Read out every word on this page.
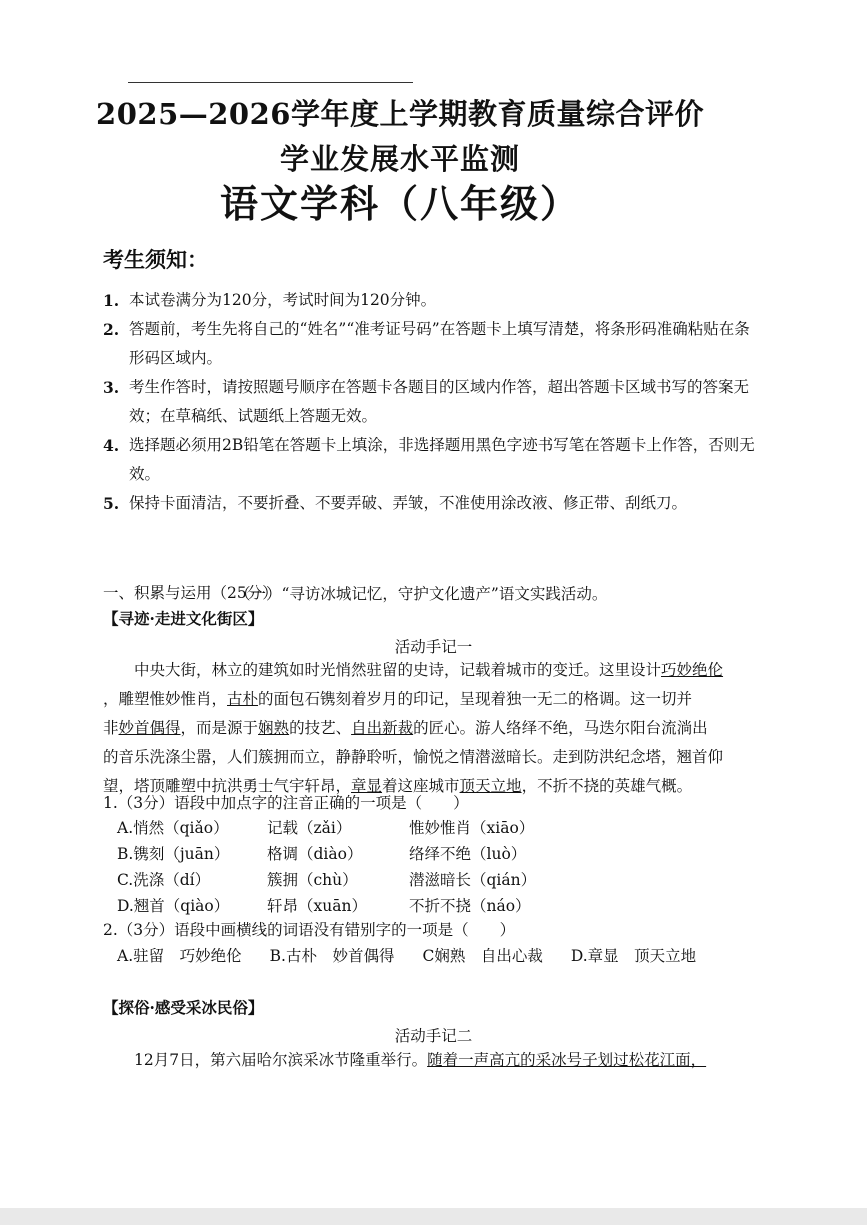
2025—2026学年度上学期教育质量综合评价
学业发展水平监测
语文学科（八年级）
考生须知：
1. 本试卷满分为120分，考试时间为120分钟。
2. 答题前，考生先将自己的“姓名”“准考证号码”在答题卡上填写清楚，将条形码准确粘贴在条形码区域内。
3. 考生作答时，请按照题号顺序在答题卡各题目的区域内作答，超出答题卡区域书写的答案无效；在草稿纸、试题纸上答题无效。
4. 选择题必须用2B铅笔在答题卡上填涂，非选择题用黑色字迹书写笔在答题卡上作答，否则无效。
5. 保持卡面清洁，不要折叠、不要弄破、弄皱，不准使用涂改液、修正带、刮纸刀。
一、积累与运用（25分）
（一）“寻访冰城记忆，守护文化遗产”语文实践活动。
【寻迹·走进文化街区】
活动手记一
　　中央大街，林立的建筑如时光悄然驻留的史诗，记载着城市的变迁。这里设计巧妙绝伦
，雕塑惟妙惟肖，古朴的面包石镌刻着岁月的印记，呈现着独一无二的格调。这一切并
非妙首偶得，而是源于娴熟的技艺、自出新裁的匠心。游人络绎不绝，马迭尔阳台流淌出
的音乐洗涤尘嚣，人们簇拥而立，静静聆听，愉悦之情潜滋暗长。走到防洪纪念塔，翘首仰
望，塔顶雕塑中抗洪勇士气宇轩昂，章显着这座城市顶天立地，不折不挠的英雄气概。
1.（3分）语段中加点字的注音正确的一项是（　　）
A.悄然（qiǎo）	记载（zǎi）	惟妙惟肖（xiāo）
B.镌刻（juān）	格调（diào）	络绎不绝（luò）
C.洗涤（dí）	簇拥（chù）	潜滋暗长（qián）
D.翘首（qiào）	轩昂（xuān）	不折不挠（náo）
2.（3分）语段中画横线的词语没有错别字的一项是（　　）
A.驻留　巧妙绝伦 B.古朴　妙首偶得 C娴熟　自出心裁 D.章显　顶天立地
【探俗·感受采冰民俗】
活动手记二
　　12月7日，第六届哈尔滨采冰节隆重举行。随着一声高亢的采冰号子划过松花江面，
